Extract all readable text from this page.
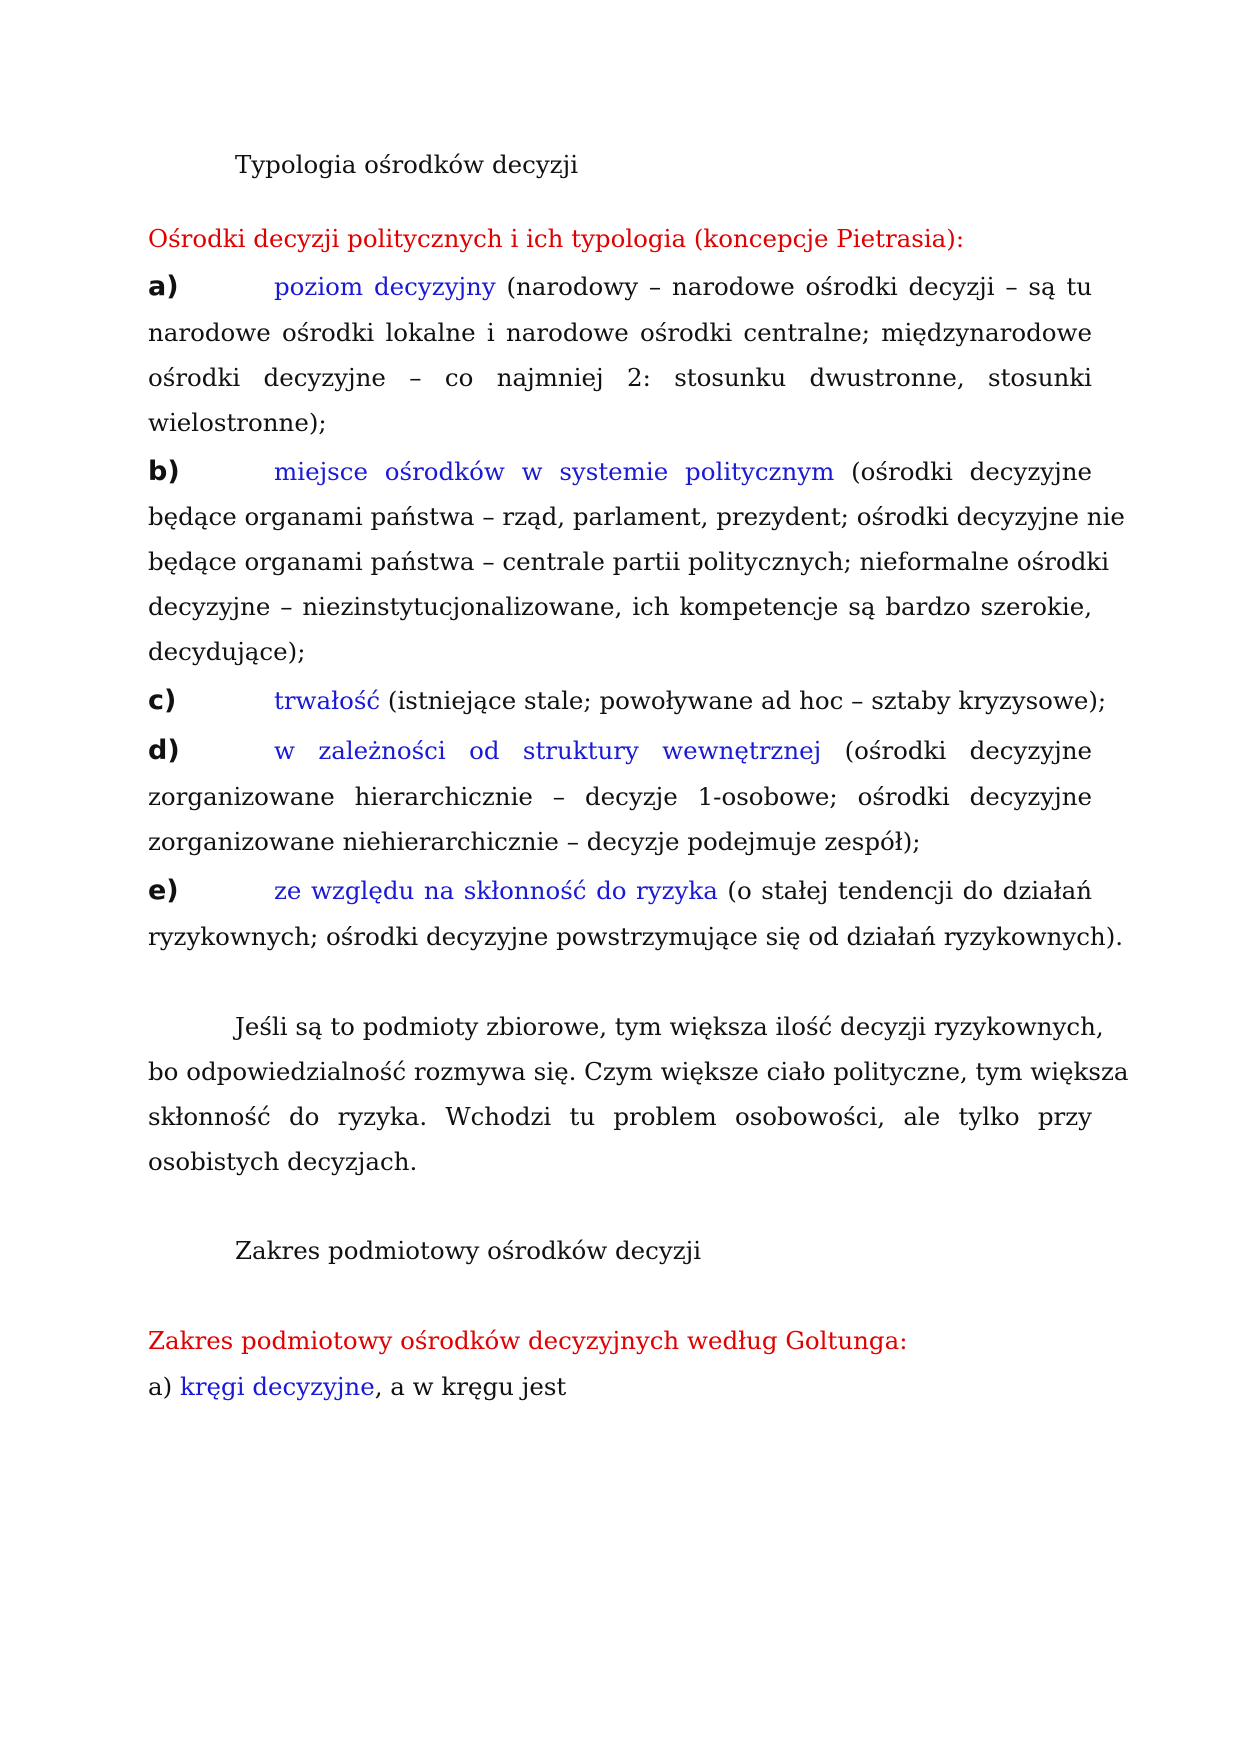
Typologia ośrodków decyzji
Ośrodki decyzji politycznych i ich typologia (koncepcje Pietrasia):
a)	poziom decyzyjny (narodowy – narodowe ośrodki decyzji – są tu
narodowe ośrodki lokalne i narodowe ośrodki centralne; międzynarodowe
ośrodki decyzyjne – co najmniej 2: stosunku dwustronne, stosunki
wielostronne);
b)	miejsce ośrodków w systemie politycznym (ośrodki decyzyjne
będące organami państwa – rząd, parlament, prezydent; ośrodki decyzyjne nie
będące organami państwa – centrale partii politycznych; nieformalne ośrodki
decyzyjne – niezinstytucjonalizowane, ich kompetencje są bardzo szerokie,
decydujące);
c)	trwałość (istniejące stale; powoływane ad hoc – sztaby kryzysowe);
d)	w zależności od struktury wewnętrznej (ośrodki decyzyjne
zorganizowane hierarchicznie – decyzje 1-osobowe; ośrodki decyzyjne
zorganizowane niehierarchicznie – decyzje podejmuje zespół);
e)	ze względu na skłonność do ryzyka (o stałej tendencji do działań
ryzykownych; ośrodki decyzyjne powstrzymujące się od działań ryzykownych).
Jeśli są to podmioty zbiorowe, tym większa ilość decyzji ryzykownych,
bo odpowiedzialność rozmywa się. Czym większe ciało polityczne, tym większa
skłonność do ryzyka. Wchodzi tu problem osobowości, ale tylko przy
osobistych decyzjach.
Zakres podmiotowy ośrodków decyzji
Zakres podmiotowy ośrodków decyzyjnych według Goltunga:
a) kręgi decyzyjne, a w kręgu jest
